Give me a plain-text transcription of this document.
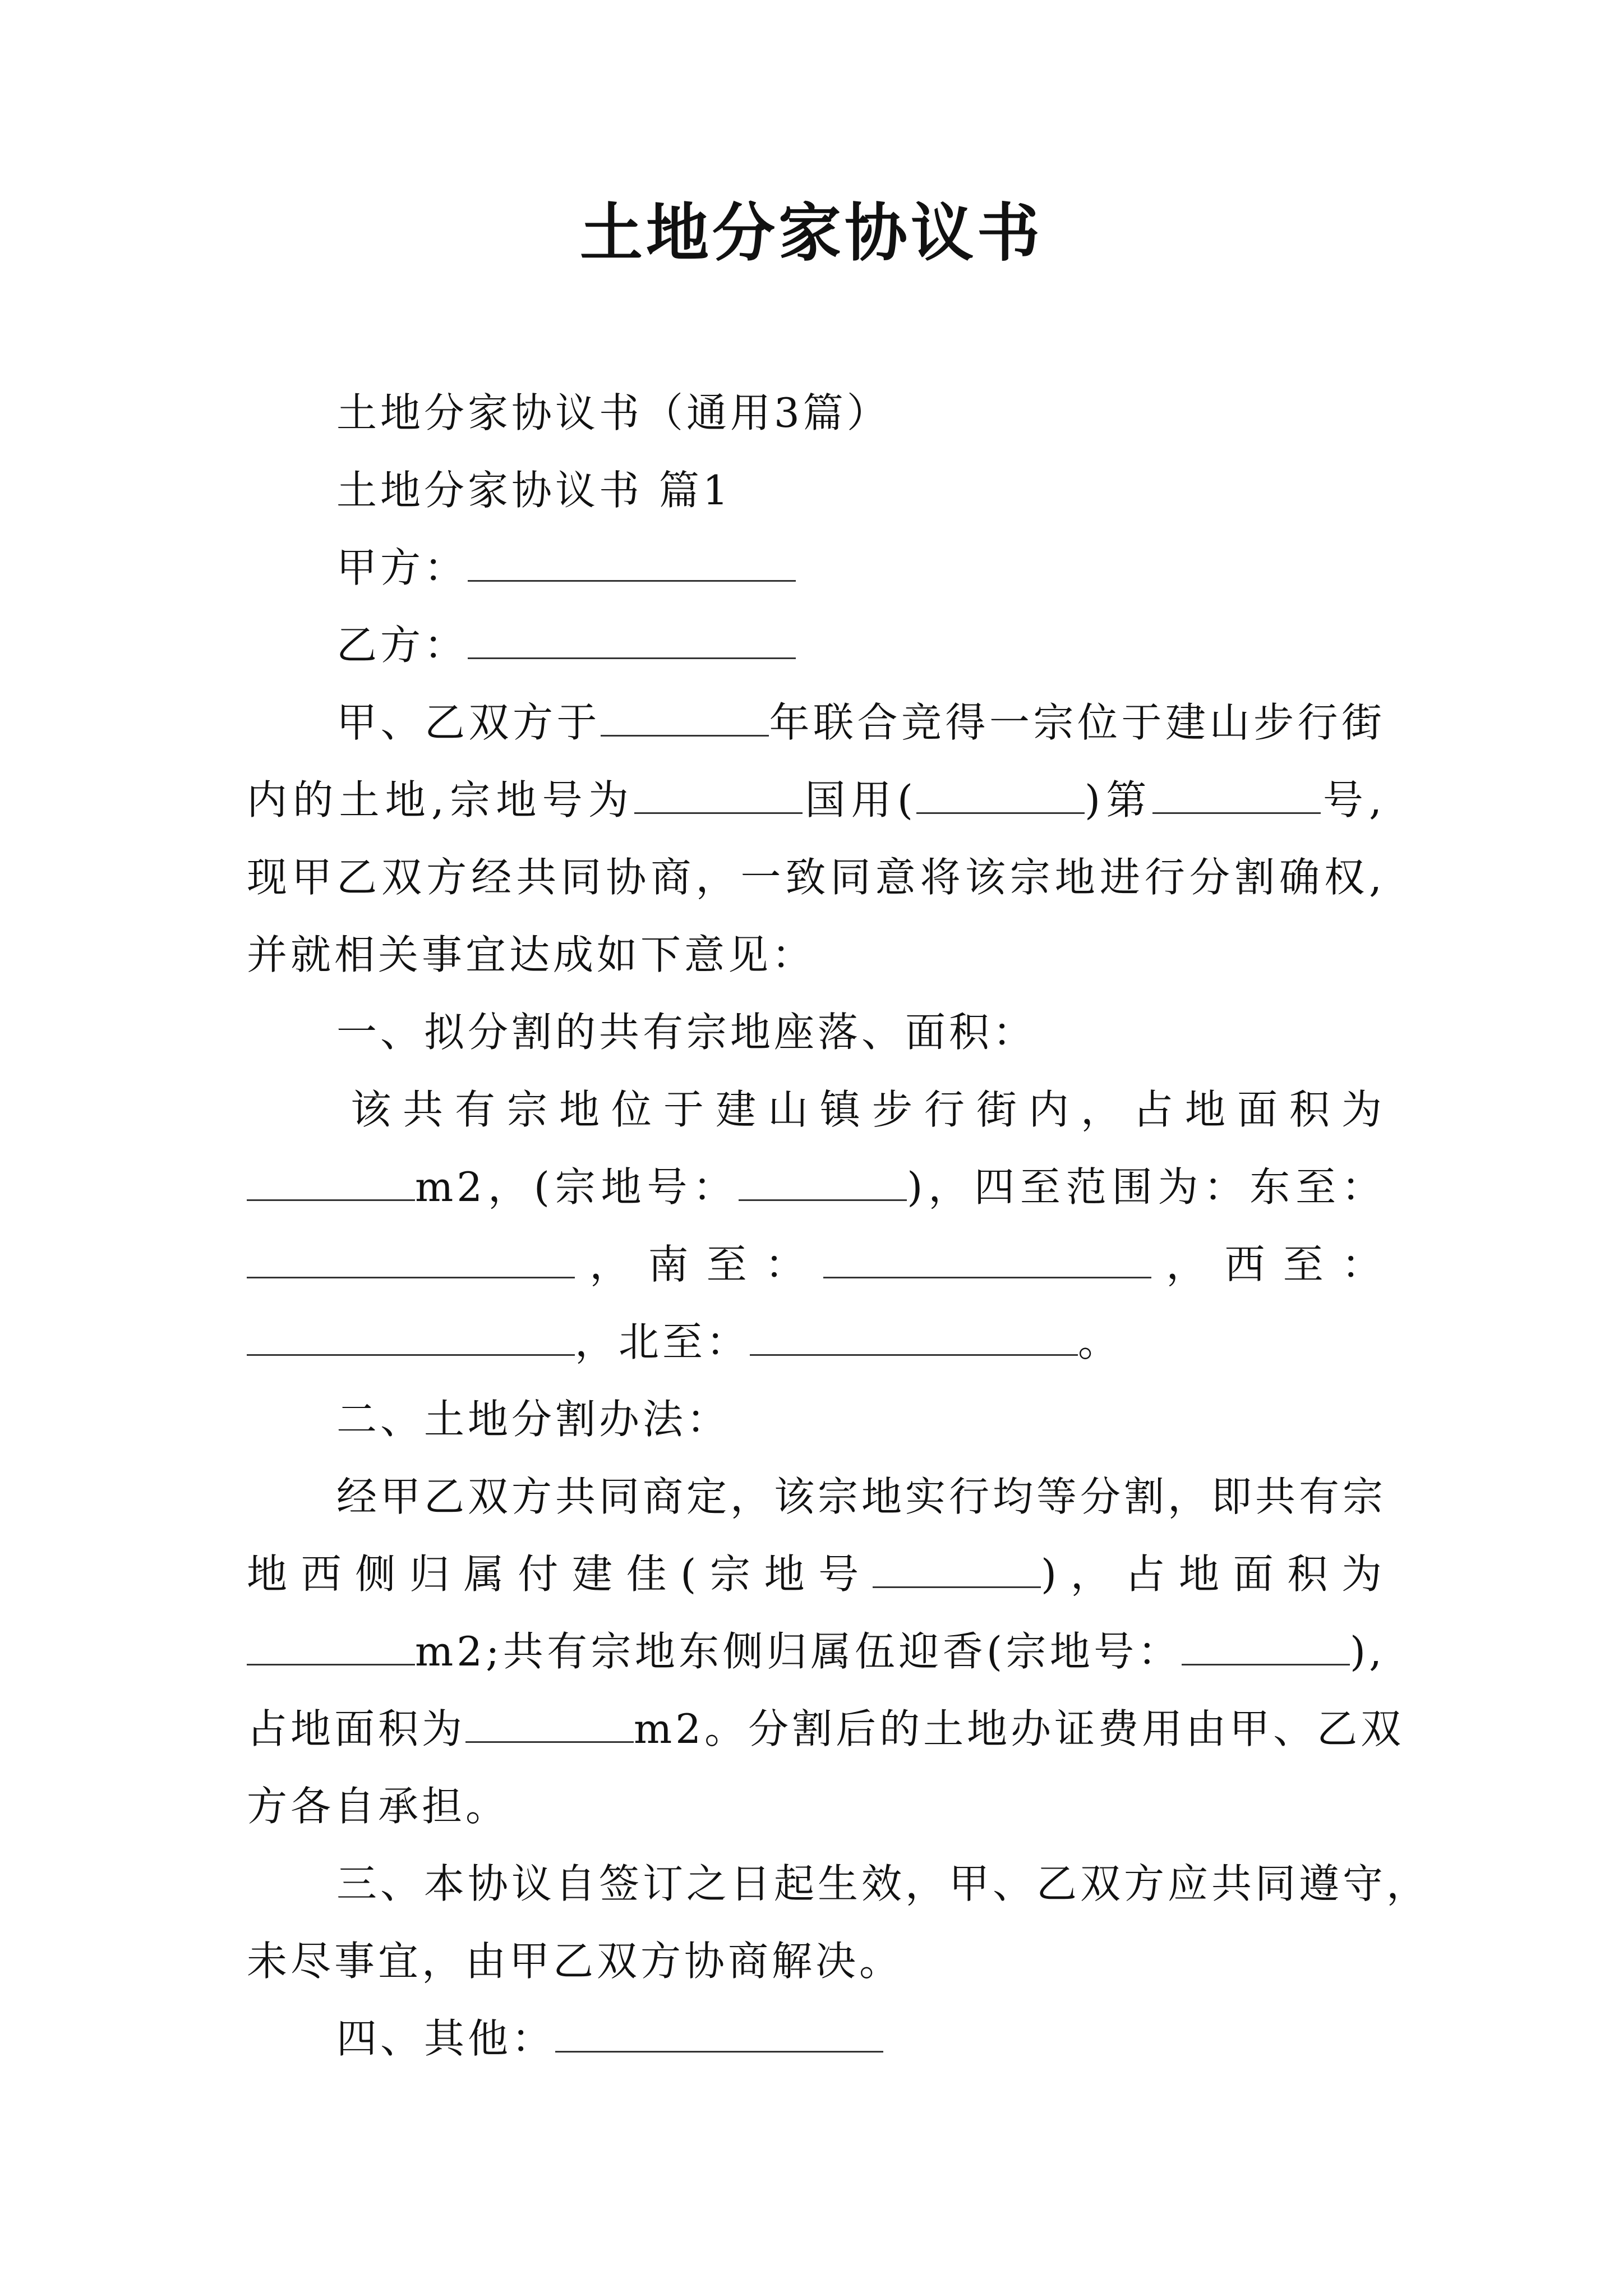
土地分家协议书
土地分家协议书（通用3篇）
土地分家协议书 篇1
甲方：
乙方：
甲、乙双方于	年联合竞得一宗位于建山步行街
内的土地,宗地号为	国用(	)第	号,
现甲乙双方经共同协商，一致同意将该宗地进行分割确权,
并就相关事宜达成如下意见：
一、拟分割的共有宗地座落、面积：
该共有宗地位于建山镇步行街内，占地面积为
m2，(宗地号：	)，四至范围为：东至：
，南至：	，西至：
，北至：	。
二、土地分割办法：
经甲乙双方共同商定，该宗地实行均等分割，即共有宗
地西侧归属付建佳(宗地号	)，占地面积为
m2;共有宗地东侧归属伍迎香(宗地号：	),
占地面积为	m2。分割后的土地办证费用由甲、乙双
方各自承担。
三、本协议自签订之日起生效，甲、乙双方应共同遵守，
未尽事宜，由甲乙双方协商解决。
四、其他：
